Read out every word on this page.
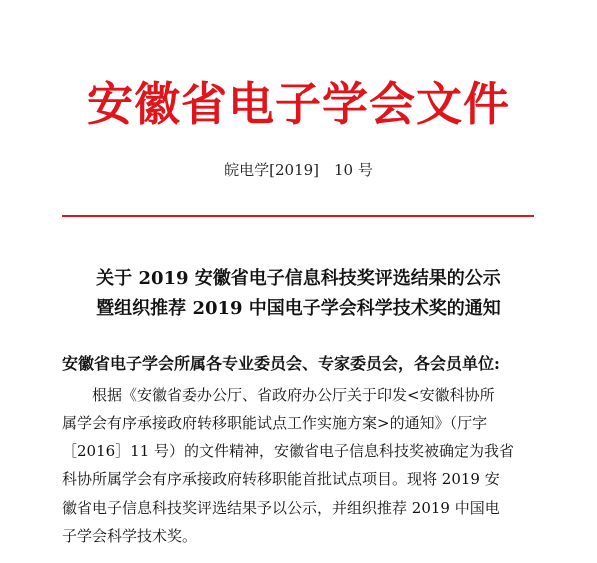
安徽省电子学会文件
皖电学[2019]　10 号
关于 2019 安徽省电子信息科技奖评选结果的公示
暨组织推荐 2019 中国电子学会科学技术奖的通知
安徽省电子学会所属各专业委员会、专家委员会，各会员单位:
根据《安徽省委办公厅、省政府办公厅关于印发<安徽科协所
属学会有序承接政府转移职能试点工作实施方案>的通知》（厅字
［2016］11 号）的文件精神，安徽省电子信息科技奖被确定为我省
科协所属学会有序承接政府转移职能首批试点项目。现将 2019 安
徽省电子信息科技奖评选结果予以公示，并组织推荐 2019 中国电
子学会科学技术奖。
